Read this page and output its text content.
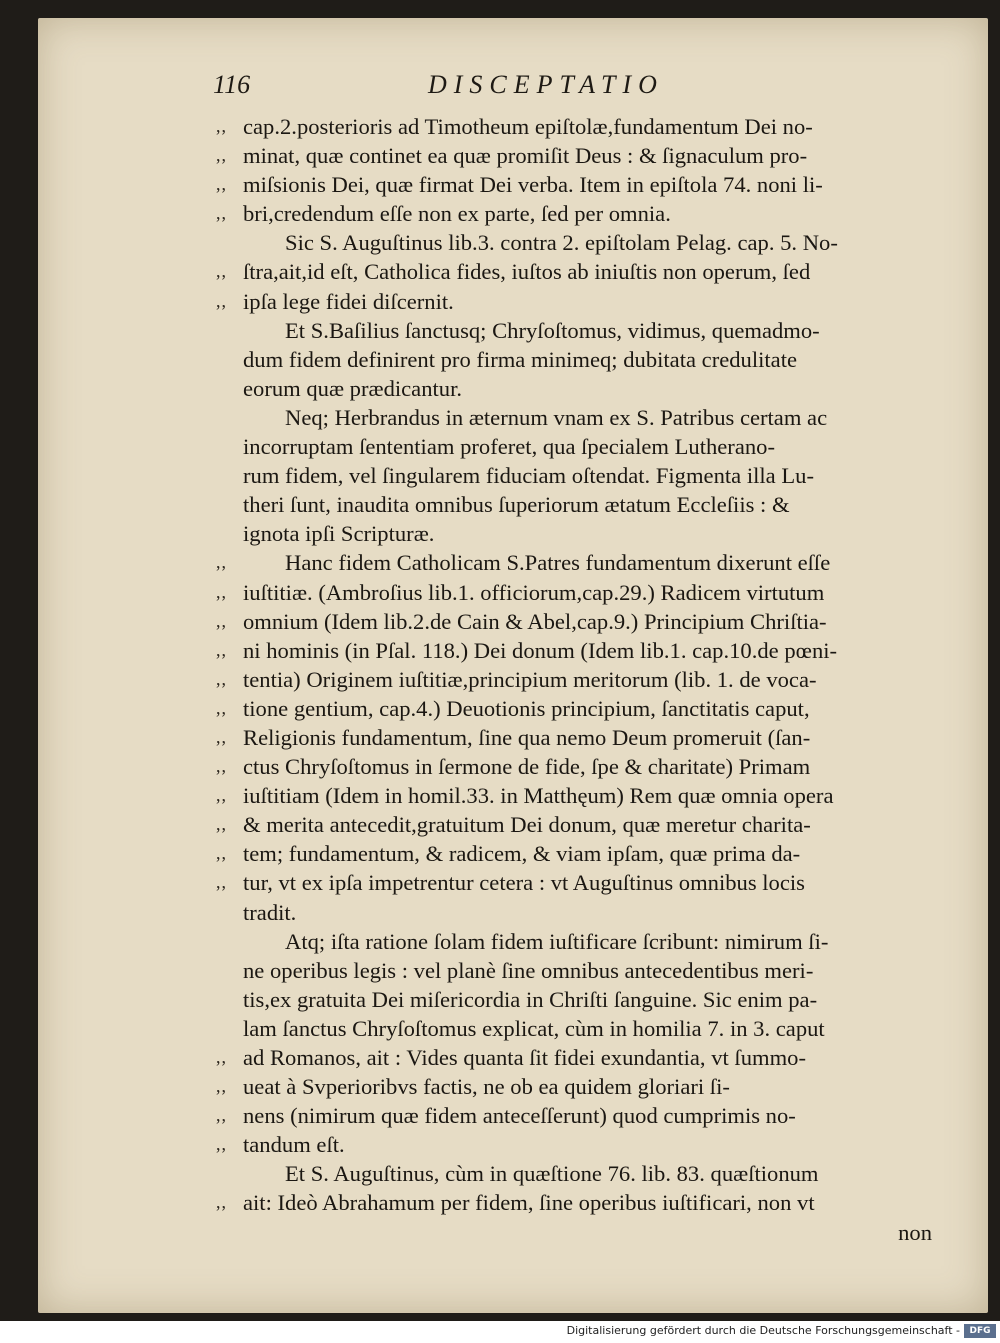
116	DISCEPTATIO
,, cap.2.posterioris ad Timotheum epiſtolæ,fundamentum Dei no-
,, minat, quæ continet ea quæ promiſit Deus : & ſignaculum pro-
,, miſsionis Dei, quæ firmat Dei verba. Item in epiſtola 74. noni li-
,, bri,credendum eſſe non ex parte, ſed per omnia.
Sic S. Auguſtinus lib.3. contra 2. epiſtolam Pelag. cap. 5. No-
,, ſtra,ait,id eſt, Catholica fides, iuſtos ab iniuſtis non operum, ſed
,, ipſa lege fidei diſcernit.
Et S.Baſilius ſanctusq; Chryſoſtomus, vidimus, quemadmo-
dum fidem definirent pro firma minimeq; dubitata credulitate
eorum quæ prædicantur.
Neq; Herbrandus in æternum vnam ex S. Patribus certam ac
incorruptam ſententiam proferet, qua ſpecialem Lutherano-
rum fidem, vel ſingularem fiduciam oſtendat. Figmenta illa Lu-
theri ſunt, inaudita omnibus ſuperiorum ætatum Eccleſiis : &
ignota ipſi Scripturæ.
,,	Hanc fidem Catholicam S.Patres fundamentum dixerunt eſſe
,, iuſtitiæ. (Ambroſius lib.1. officiorum,cap.29.) Radicem virtutum
,, omnium (Idem lib.2.de Cain & Abel,cap.9.) Principium Chriſtia-
,, ni hominis (in Pſal. 118.) Dei donum (Idem lib.1. cap.10.de pœni-
,, tentia) Originem iuſtitiæ,principium meritorum (lib. 1. de voca-
,, tione gentium, cap.4.) Deuotionis principium, ſanctitatis caput,
,, Religionis fundamentum, ſine qua nemo Deum promeruit (ſan-
,, ctus Chryſoſtomus in ſermone de fide, ſpe & charitate) Primam
,, iuſtitiam (Idem in homil.33. in Matthęum) Rem quæ omnia opera
,, & merita antecedit,gratuitum Dei donum, quæ meretur charita-
,, tem; fundamentum, & radicem, & viam ipſam, quæ prima da-
,, tur, vt ex ipſa impetrentur cetera : vt Auguſtinus omnibus locis
tradit.
Atq; iſta ratione ſolam fidem iuſtificare ſcribunt: nimirum ſi-
ne operibus legis : vel planè ſine omnibus antecedentibus meri-
tis,ex gratuita Dei miſericordia in Chriſti ſanguine. Sic enim pa-
lam ſanctus Chryſoſtomus explicat, cùm in homilia 7. in 3. caput
,, ad Romanos, ait : Vides quanta ſit fidei exundantia, vt ſummo-
,, ueat à Svperioribvs factis, ne ob ea quidem gloriari ſi-
,, nens (nimirum quæ fidem anteceſſerunt) quod cumprimis no-
,, tandum eſt.
Et S. Auguſtinus, cùm in quæſtione 76. lib. 83. quæſtionum
,, ait: Ideò Abrahamum per fidem, ſine operibus iuſtificari, non vt
non
Digitalisierung gefördert durch die Deutsche Forschungsgemeinschaft -	DFG
